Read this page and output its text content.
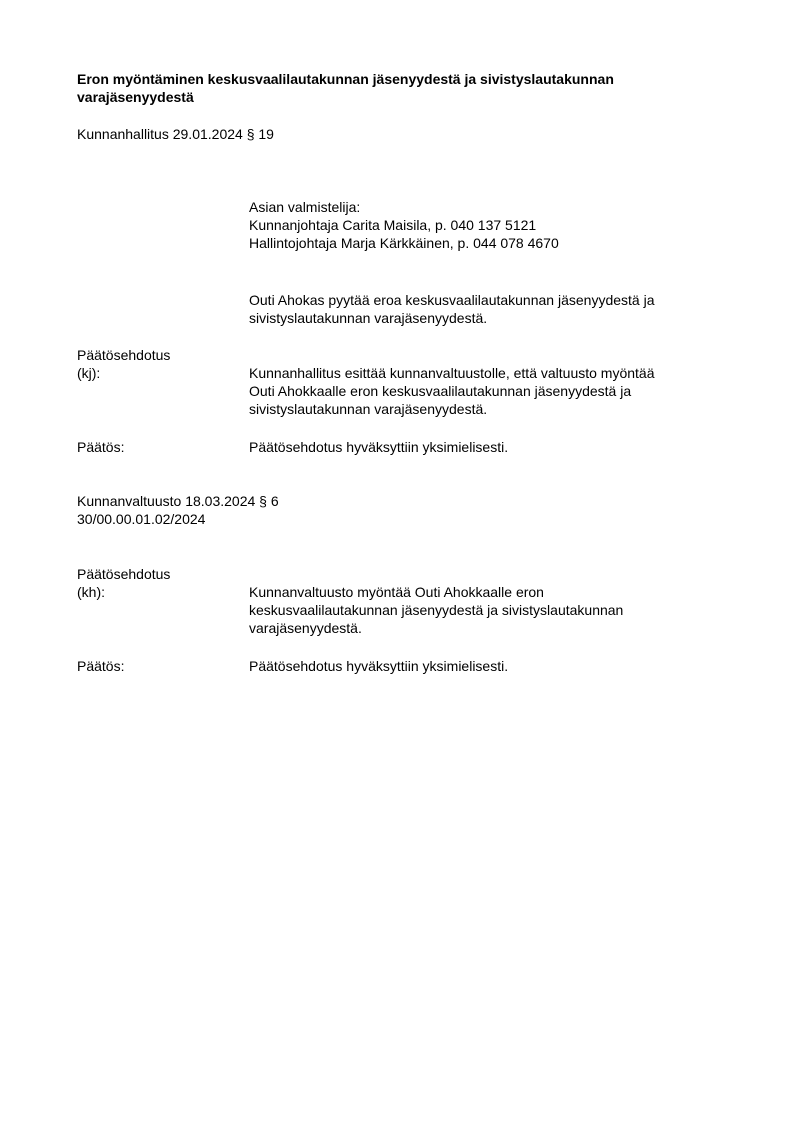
Eron myöntäminen keskusvaalilautakunnan jäsenyydestä ja sivistyslautakunnan
varajäsenyydestä
Kunnanhallitus 29.01.2024 § 19
Asian valmistelija:
Kunnanjohtaja Carita Maisila, p. 040 137 5121
Hallintojohtaja Marja Kärkkäinen, p. 044 078 4670
Outi Ahokas pyytää eroa keskusvaalilautakunnan jäsenyydestä ja
sivistyslautakunnan varajäsenyydestä.
Päätösehdotus
(kj):	Kunnanhallitus esittää kunnanvaltuustolle, että valtuusto myöntää
Outi Ahokkaalle eron keskusvaalilautakunnan jäsenyydestä ja
sivistyslautakunnan varajäsenyydestä.
Päätös:	Päätösehdotus hyväksyttiin yksimielisesti.
Kunnanvaltuusto 18.03.2024 § 6
30/00.00.01.02/2024
Päätösehdotus
(kh):	Kunnanvaltuusto myöntää Outi Ahokkaalle eron
keskusvaalilautakunnan jäsenyydestä ja sivistyslautakunnan
varajäsenyydestä.
Päätös:	Päätösehdotus hyväksyttiin yksimielisesti.
